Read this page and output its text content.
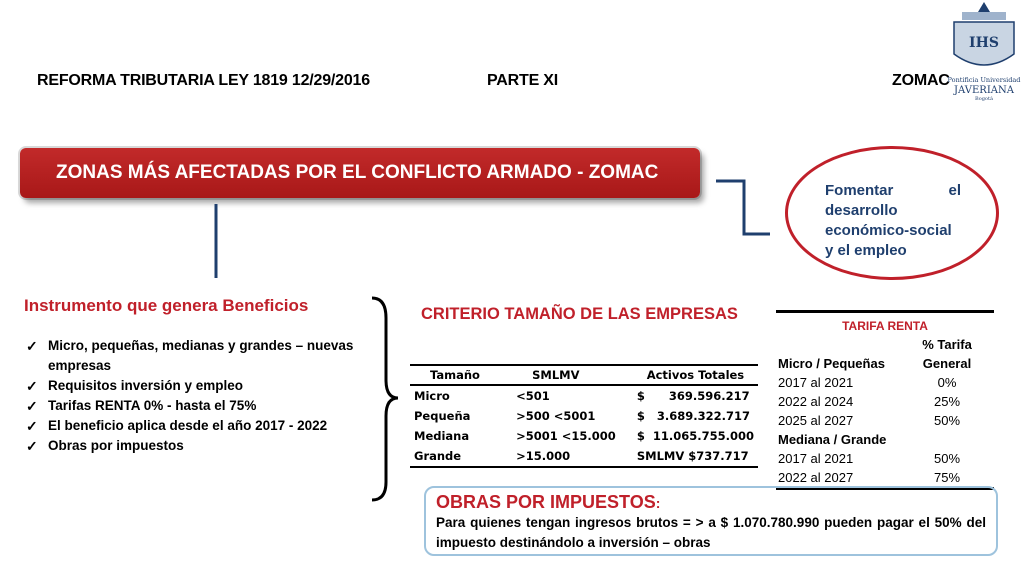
REFORMA TRIBUTARIA LEY 1819 12/29/2016	PARTE XI	ZOMAC
IHS
Pontificia Universidad
JAVERIANA
Bogotá
ZONAS MÁS AFECTADAS POR EL CONFLICTO ARMADO - ZOMAC
Fomentar	el
desarrollo
económico-social
y el empleo
Instrumento que genera Beneficios
✓ Micro, pequeñas, medianas y grandes – nuevas empresas
✓ Requisitos inversión y empleo
✓ Tarifas RENTA 0% - hasta el 75%
✓ El beneficio aplica desde el año 2017 - 2022
✓ Obras por impuestos
CRITERIO TAMAÑO DE LAS EMPRESAS
Tamaño	SMLMV	Activos Totales
Micro	<501	$      369.596.217
Pequeña	>500 <5001	$   3.689.322.717
Mediana	>5001 <15.000	$  11.065.755.000
Grande	>15.000	SMLMV $737.717
TARIFA RENTA	
	% Tarifa
Micro / Pequeñas	General
2017 al 2021	0%
2022 al 2024	25%
2025 al 2027	50%
Mediana / Grande	
2017 al 2021	50%
2022 al 2027	75%
OBRAS POR IMPUESTOS:
Para quienes tengan ingresos brutos = > a $ 1.070.780.990 pueden pagar el 50% del impuesto destinándolo a inversión – obras
